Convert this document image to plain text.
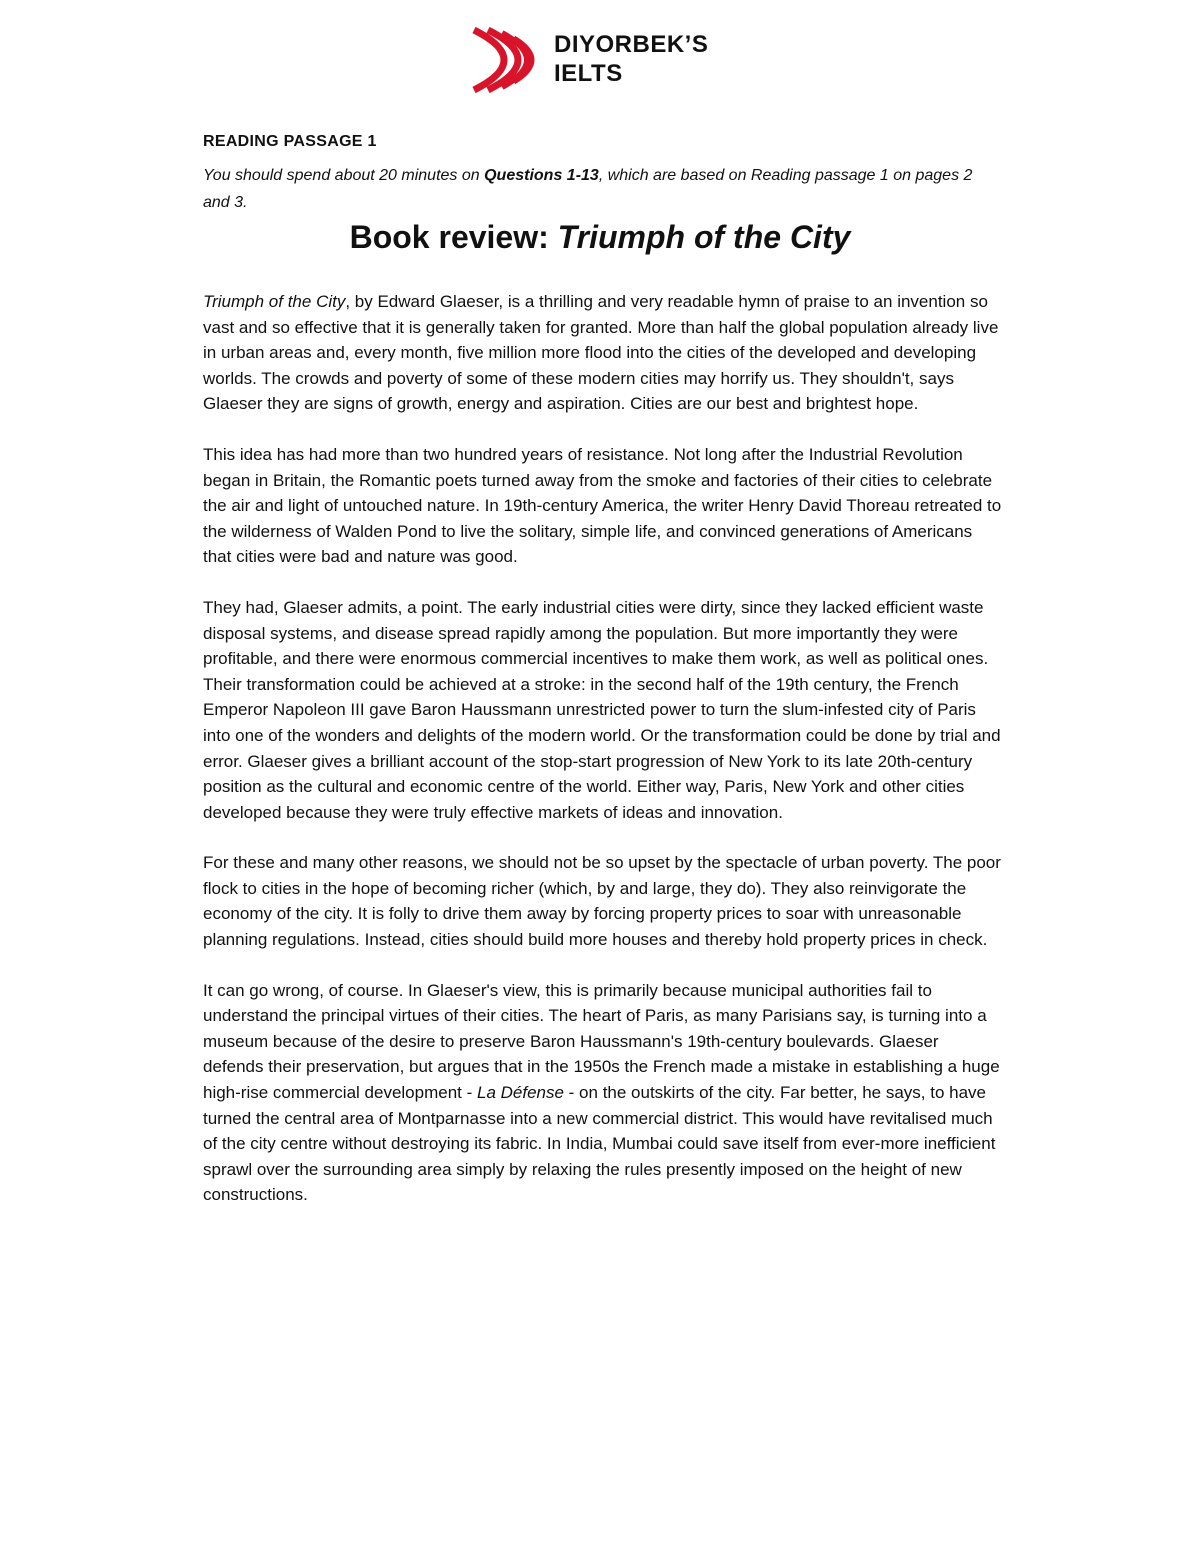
DIYORBEK’S
IELTS
READING PASSAGE 1
You should spend about 20 minutes on Questions 1-13, which are based on Reading passage 1 on pages 2 and 3.
Book review: Triumph of the City

Triumph of the City, by Edward Glaeser, is a thrilling and very readable hymn of praise to an invention so vast and so effective that it is generally taken for granted. More than half the global population already live in urban areas and, every month, five million more flood into the cities of the developed and developing worlds. The crowds and poverty of some of these modern cities may horrify us. They shouldn't, says Glaeser they are signs of growth, energy and aspiration. Cities are our best and brightest hope.

This idea has had more than two hundred years of resistance. Not long after the Industrial Revolution began in Britain, the Romantic poets turned away from the smoke and factories of their cities to celebrate the air and light of untouched nature. In 19th-century America, the writer Henry David Thoreau retreated to the wilderness of Walden Pond to live the solitary, simple life, and convinced generations of Americans that cities were bad and nature was good.

They had, Glaeser admits, a point. The early industrial cities were dirty, since they lacked efficient waste disposal systems, and disease spread rapidly among the population. But more importantly they were profitable, and there were enormous commercial incentives to make them work, as well as political ones. Their transformation could be achieved at a stroke: in the second half of the 19th century, the French Emperor Napoleon III gave Baron Haussmann unrestricted power to turn the slum-infested city of Paris into one of the wonders and delights of the modern world. Or the transformation could be done by trial and error. Glaeser gives a brilliant account of the stop-start progression of New York to its late 20th-century position as the cultural and economic centre of the world. Either way, Paris, New York and other cities developed because they were truly effective markets of ideas and innovation.

For these and many other reasons, we should not be so upset by the spectacle of urban poverty. The poor flock to cities in the hope of becoming richer (which, by and large, they do). They also reinvigorate the economy of the city. It is folly to drive them away by forcing property prices to soar with unreasonable planning regulations. Instead, cities should build more houses and thereby hold property prices in check.

It can go wrong, of course. In Glaeser's view, this is primarily because municipal authorities fail to understand the principal virtues of their cities. The heart of Paris, as many Parisians say, is turning into a museum because of the desire to preserve Baron Haussmann's 19th-century boulevards. Glaeser defends their preservation, but argues that in the 1950s the French made a mistake in establishing a huge high-rise commercial development - La Défense - on the outskirts of the city. Far better, he says, to have turned the central area of Montparnasse into a new commercial district. This would have revitalised much of the city centre without destroying its fabric. In India, Mumbai could save itself from ever-more inefficient sprawl over the surrounding area simply by relaxing the rules presently imposed on the height of new constructions.
